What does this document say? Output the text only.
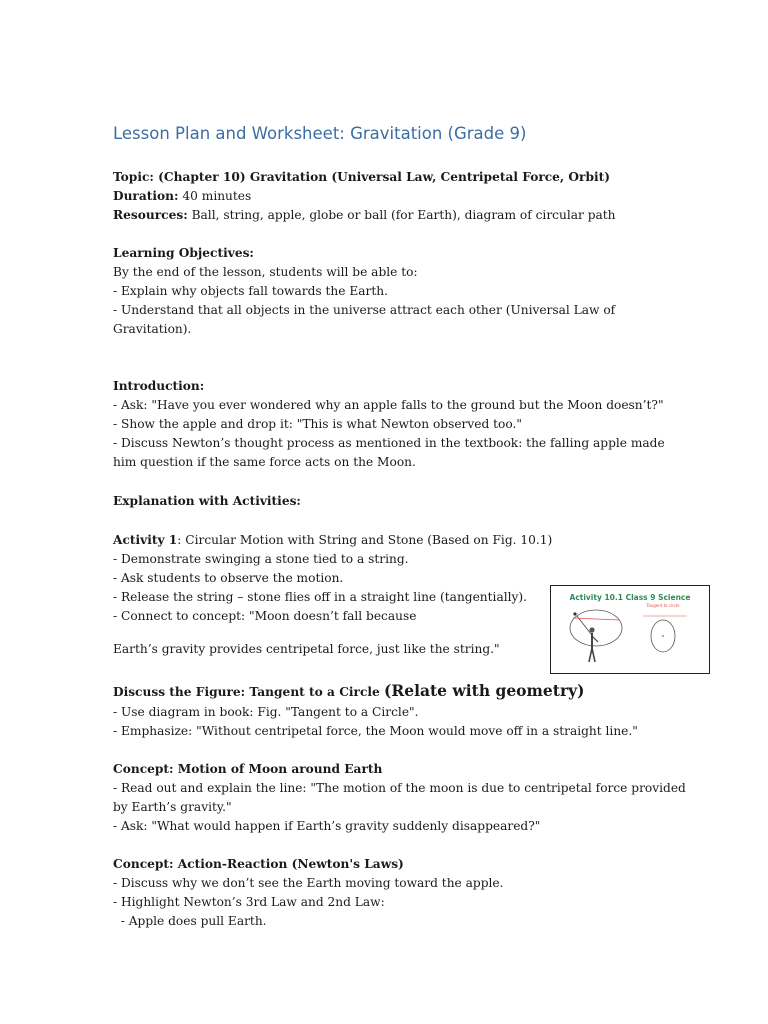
Lesson Plan and Worksheet: Gravitation (Grade 9)
Topic: (Chapter 10) Gravitation (Universal Law, Centripetal Force, Orbit)
Duration: 40 minutes
Resources: Ball, string, apple, globe or ball (for Earth), diagram of circular path
Learning Objectives:
By the end of the lesson, students will be able to:
- Explain why objects fall towards the Earth.
- Understand that all objects in the universe attract each other (Universal Law of
Gravitation).
Introduction:
- Ask: "Have you ever wondered why an apple falls to the ground but the Moon doesn’t?"
- Show the apple and drop it: "This is what Newton observed too."
- Discuss Newton’s thought process as mentioned in the textbook: the falling apple made
him question if the same force acts on the Moon.
Explanation with Activities:
Activity 1: Circular Motion with String and Stone (Based on Fig. 10.1)
- Demonstrate swinging a stone tied to a string.
- Ask students to observe the motion.
- Release the string – stone flies off in a straight line (tangentially).
- Connect to concept: "Moon doesn’t fall because
Earth’s gravity provides centripetal force, just like the string."
Discuss the Figure: Tangent to a Circle (Relate with geometry)
- Use diagram in book: Fig. "Tangent to a Circle".
- Emphasize: "Without centripetal force, the Moon would move off in a straight line."
Concept: Motion of Moon around Earth
- Read out and explain the line: "The motion of the moon is due to centripetal force provided
by Earth’s gravity."
- Ask: "What would happen if Earth’s gravity suddenly disappeared?"
Concept: Action-Reaction (Newton's Laws)
- Discuss why we don’t see the Earth moving toward the apple.
- Highlight Newton’s 3rd Law and 2nd Law:
- Apple does pull Earth.
Activity 10.1 Class 9 Science
Tangent to circle
